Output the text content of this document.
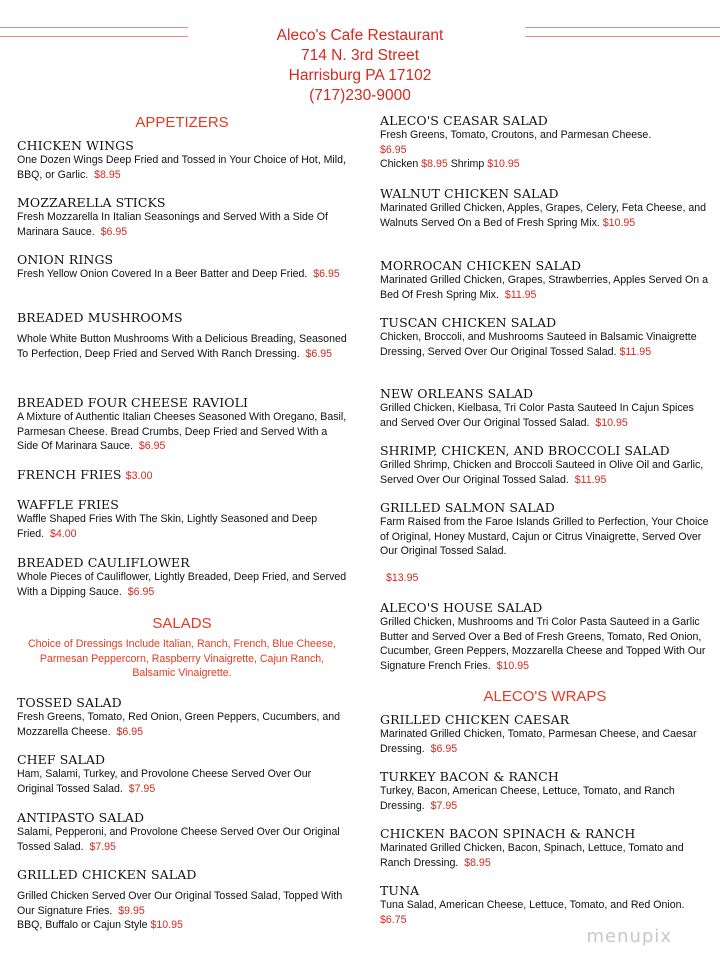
Aleco's Cafe Restaurant
714 N. 3rd Street
Harrisburg PA 17102
(717)230-9000
APPETIZERS
CHICKEN WINGS
One Dozen Wings Deep Fried and Tossed in Your Choice of Hot, Mild, BBQ, or Garlic. $8.95
MOZZARELLA STICKS
Fresh Mozzarella In Italian Seasonings and Served With a Side Of Marinara Sauce. $6.95
ONION RINGS
Fresh Yellow Onion Covered In a Beer Batter and Deep Fried. $6.95
BREADED MUSHROOMS
Whole White Button Mushrooms With a Delicious Breading, Seasoned To Perfection, Deep Fried and Served With Ranch Dressing. $6.95
BREADED FOUR CHEESE RAVIOLI
A Mixture of Authentic Italian Cheeses Seasoned With Oregano, Basil, Parmesan Cheese. Bread Crumbs, Deep Fried and Served With a Side Of Marinara Sauce. $6.95
FRENCH FRIES $3.00
WAFFLE FRIES
Waffle Shaped Fries With The Skin, Lightly Seasoned and Deep Fried. $4.00
BREADED CAULIFLOWER
Whole Pieces of Cauliflower, Lightly Breaded, Deep Fried, and Served With a Dipping Sauce. $6.95
SALADS
Choice of Dressings Include Italian, Ranch, French, Blue Cheese, Parmesan Peppercorn, Raspberry Vinaigrette, Cajun Ranch, Balsamic Vinaigrette.
TOSSED SALAD
Fresh Greens, Tomato, Red Onion, Green Peppers, Cucumbers, and Mozzarella Cheese. $6.95
CHEF SALAD
Ham, Salami, Turkey, and Provolone Cheese Served Over Our Original Tossed Salad. $7.95
ANTIPASTO SALAD
Salami, Pepperoni, and Provolone Cheese Served Over Our Original Tossed Salad. $7.95
GRILLED CHICKEN SALAD
Grilled Chicken Served Over Our Original Tossed Salad, Topped With Our Signature Fries. $9.95
BBQ, Buffalo or Cajun Style $10.95
ALECO'S CEASAR SALAD
Fresh Greens, Tomato, Croutons, and Parmesan Cheese.
$6.95
Chicken $8.95 Shrimp $10.95
WALNUT CHICKEN SALAD
Marinated Grilled Chicken, Apples, Grapes, Celery, Feta Cheese, and Walnuts Served On a Bed of Fresh Spring Mix. $10.95
MORROCAN CHICKEN SALAD
Marinated Grilled Chicken, Grapes, Strawberries, Apples Served On a Bed Of Fresh Spring Mix. $11.95
TUSCAN CHICKEN SALAD
Chicken, Broccoli, and Mushrooms Sauteed in Balsamic Vinaigrette Dressing, Served Over Our Original Tossed Salad. $11.95
NEW ORLEANS SALAD
Grilled Chicken, Kielbasa, Tri Color Pasta Sauteed In Cajun Spices and Served Over Our Original Tossed Salad. $10.95
SHRIMP, CHICKEN, AND BROCCOLI SALAD
Grilled Shrimp, Chicken and Broccoli Sauteed in Olive Oil and Garlic, Served Over Our Original Tossed Salad. $11.95
GRILLED SALMON SALAD
Farm Raised from the Faroe Islands Grilled to Perfection, Your Choice of Original, Honey Mustard, Cajun or Citrus Vinaigrette, Served Over Our Original Tossed Salad.
$13.95
ALECO'S HOUSE SALAD
Grilled Chicken, Mushrooms and Tri Color Pasta Sauteed in a Garlic Butter and Served Over a Bed of Fresh Greens, Tomato, Red Onion, Cucumber, Green Peppers, Mozzarella Cheese and Topped With Our Signature French Fries. $10.95
ALECO'S WRAPS
GRILLED CHICKEN CAESAR
Marinated Grilled Chicken, Tomato, Parmesan Cheese, and Caesar Dressing. $6.95
TURKEY BACON & RANCH
Turkey, Bacon, American Cheese, Lettuce, Tomato, and Ranch Dressing. $7.95
CHICKEN BACON SPINACH & RANCH
Marinated Grilled Chicken, Bacon, Spinach, Lettuce, Tomato and Ranch Dressing. $8.95
TUNA
Tuna Salad, American Cheese, Lettuce, Tomato, and Red Onion.  $6.75
menupix
